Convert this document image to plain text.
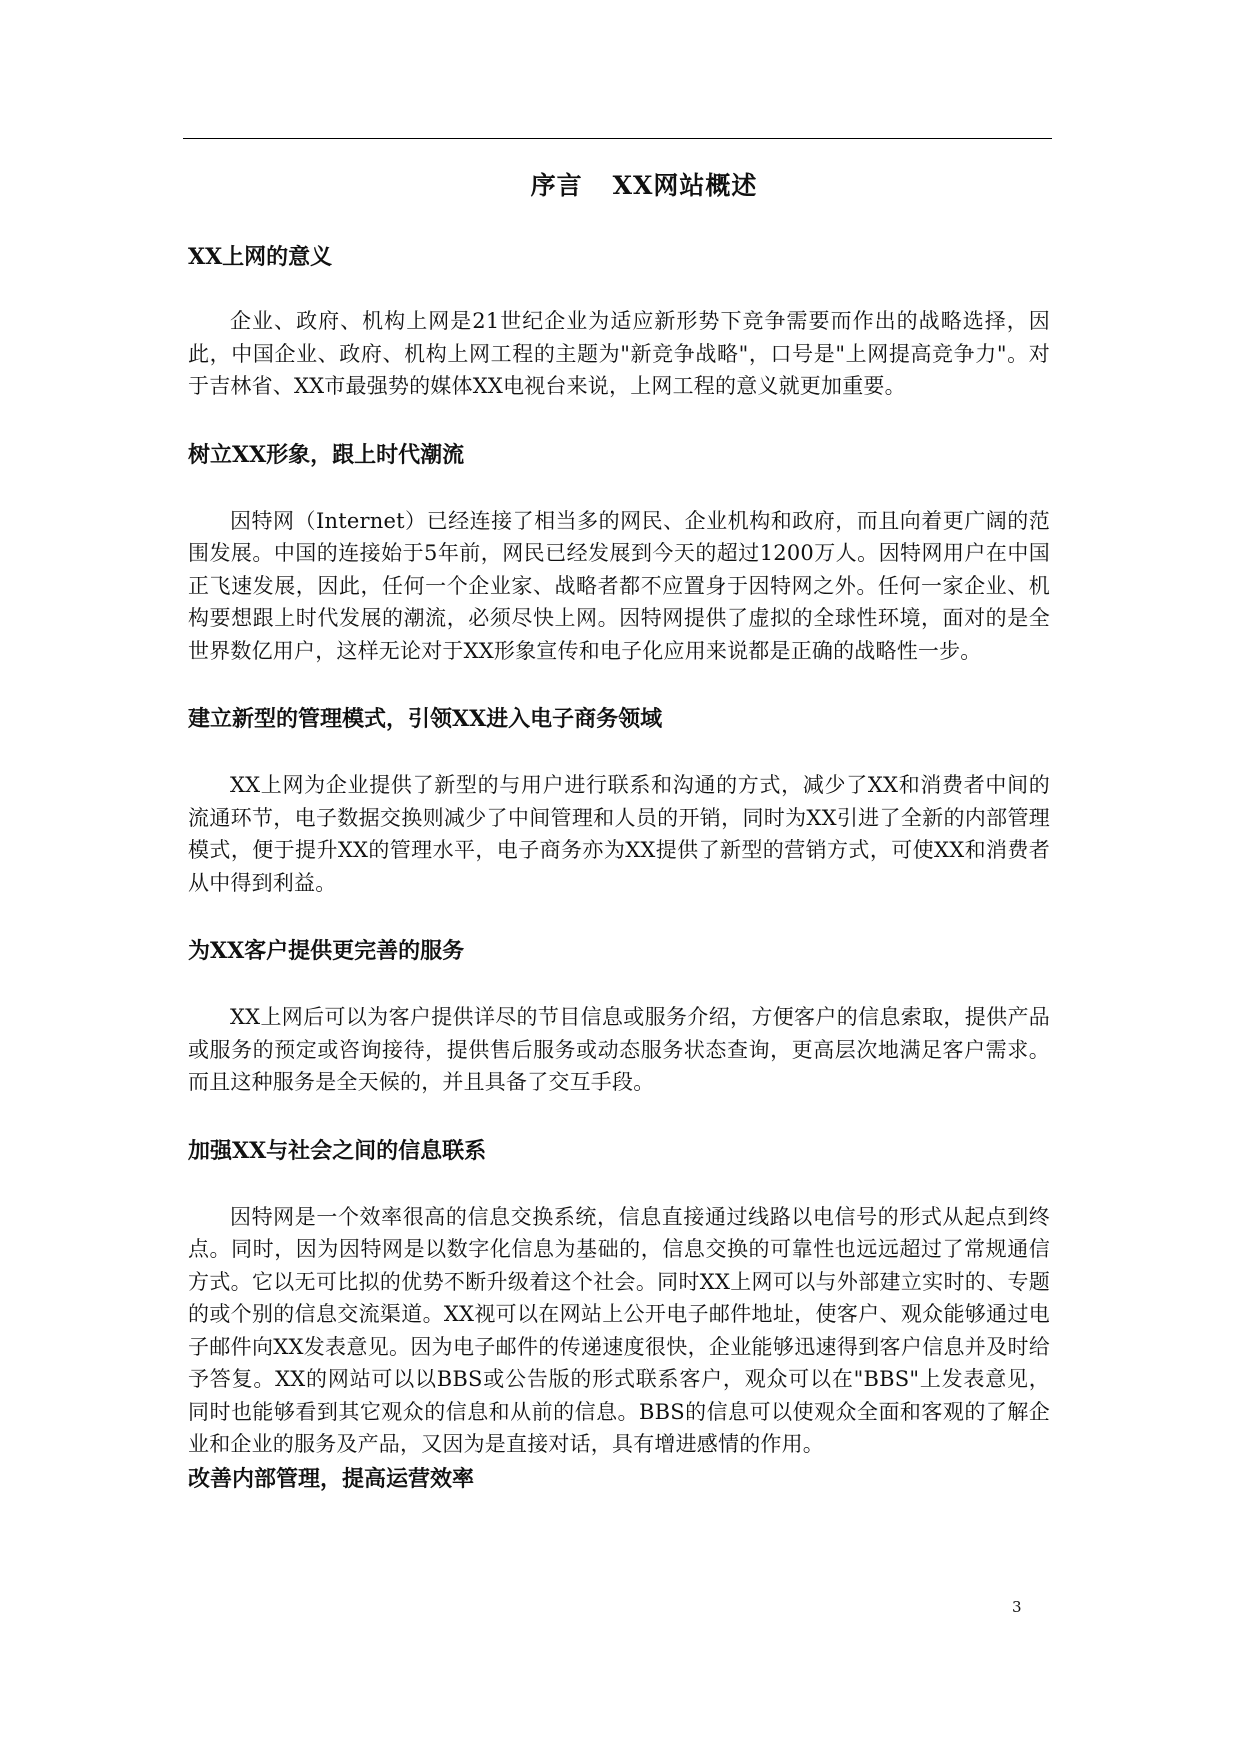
序言 XX网站概述
XX上网的意义

企业、政府、机构上网是21世纪企业为适应新形势下竞争需要而作出的战略选择，因此，中国企业、政府、机构上网工程的主题为"新竞争战略"，口号是"上网提高竞争力"。对于吉林省、XX市最强势的媒体XX电视台来说，上网工程的意义就更加重要。

树立XX形象，跟上时代潮流

因特网（Internet）已经连接了相当多的网民、企业机构和政府，而且向着更广阔的范围发展。中国的连接始于5年前，网民已经发展到今天的超过1200万人。因特网用户在中国正飞速发展，因此，任何一个企业家、战略者都不应置身于因特网之外。任何一家企业、机构要想跟上时代发展的潮流，必须尽快上网。因特网提供了虚拟的全球性环境，面对的是全世界数亿用户，这样无论对于XX形象宣传和电子化应用来说都是正确的战略性一步。

建立新型的管理模式，引领XX进入电子商务领域

XX上网为企业提供了新型的与用户进行联系和沟通的方式，减少了XX和消费者中间的流通环节，电子数据交换则减少了中间管理和人员的开销，同时为XX引进了全新的内部管理模式，便于提升XX的管理水平，电子商务亦为XX提供了新型的营销方式，可使XX和消费者从中得到利益。

为XX客户提供更完善的服务

XX上网后可以为客户提供详尽的节目信息或服务介绍，方便客户的信息索取，提供产品或服务的预定或咨询接待，提供售后服务或动态服务状态查询，更高层次地满足客户需求。而且这种服务是全天候的，并且具备了交互手段。

加强XX与社会之间的信息联系

因特网是一个效率很高的信息交换系统，信息直接通过线路以电信号的形式从起点到终点。同时，因为因特网是以数字化信息为基础的，信息交换的可靠性也远远超过了常规通信方式。它以无可比拟的优势不断升级着这个社会。同时XX上网可以与外部建立实时的、专题的或个别的信息交流渠道。XX视可以在网站上公开电子邮件地址，使客户、观众能够通过电子邮件向XX发表意见。因为电子邮件的传递速度很快，企业能够迅速得到客户信息并及时给予答复。XX的网站可以以BBS或公告版的形式联系客户，观众可以在"BBS"上发表意见，同时也能够看到其它观众的信息和从前的信息。BBS的信息可以使观众全面和客观的了解企业和企业的服务及产品，又因为是直接对话，具有增进感情的作用。

改善内部管理，提高运营效率
3
